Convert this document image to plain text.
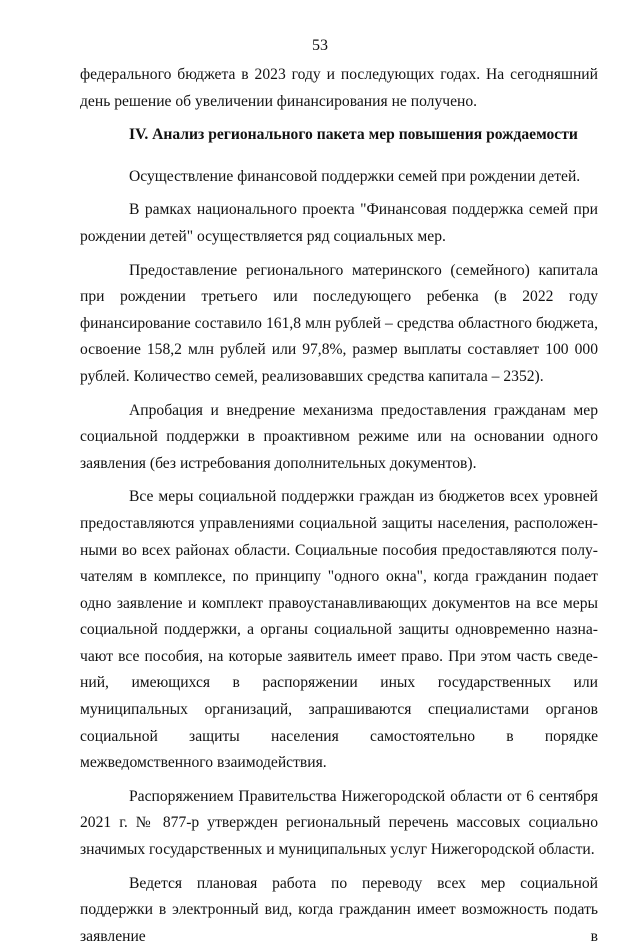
53

федерального бюджета в 2023 году и последующих годах. На сегодняшний день решение об увеличении финансирования не получено.

IV. Анализ регионального пакета мер повышения рождаемости

Осуществление финансовой поддержки семей при рождении детей.

В рамках национального проекта "Финансовая поддержка семей при рождении детей" осуществляется ряд социальных мер.

Предоставление регионального материнского (семейного) капитала при рождении третьего или последующего ребенка (в 2022 году финансирование составило 161,8 млн рублей – средства областного бюджета, освоение 158,2 млн рублей или 97,8%, размер выплаты составляет 100 000 рублей. Количество семей, реализовавших средства капитала – 2352).

Апробация и внедрение механизма предоставления гражданам мер социальной поддержки в проактивном режиме или на основании одного заявления (без истребования дополнительных документов).

Все меры социальной поддержки граждан из бюджетов всех уровней предоставляются управлениями социальной защиты населения, расположенными во всех районах области. Социальные пособия предоставляются получателям в комплексе, по принципу "одного окна", когда гражданин подает одно заявление и комплект правоустанавливающих документов на все меры социальной поддержки, а органы социальной защиты одновременно назначают все пособия, на которые заявитель имеет право. При этом часть сведений, имеющихся в распоряжении иных государственных или муниципальных организаций, запрашиваются специалистами органов социальной защиты населения самостоятельно в порядке межведомственного взаимодействия.

Распоряжением Правительства Нижегородской области от 6 сентября 2021 г. № 877-р утвержден региональный перечень массовых социально значимых государственных и муниципальных услуг Нижегородской области.

Ведется плановая работа по переводу всех мер социальной поддержки в электронный вид, когда гражданин имеет возможность подать заявление в
